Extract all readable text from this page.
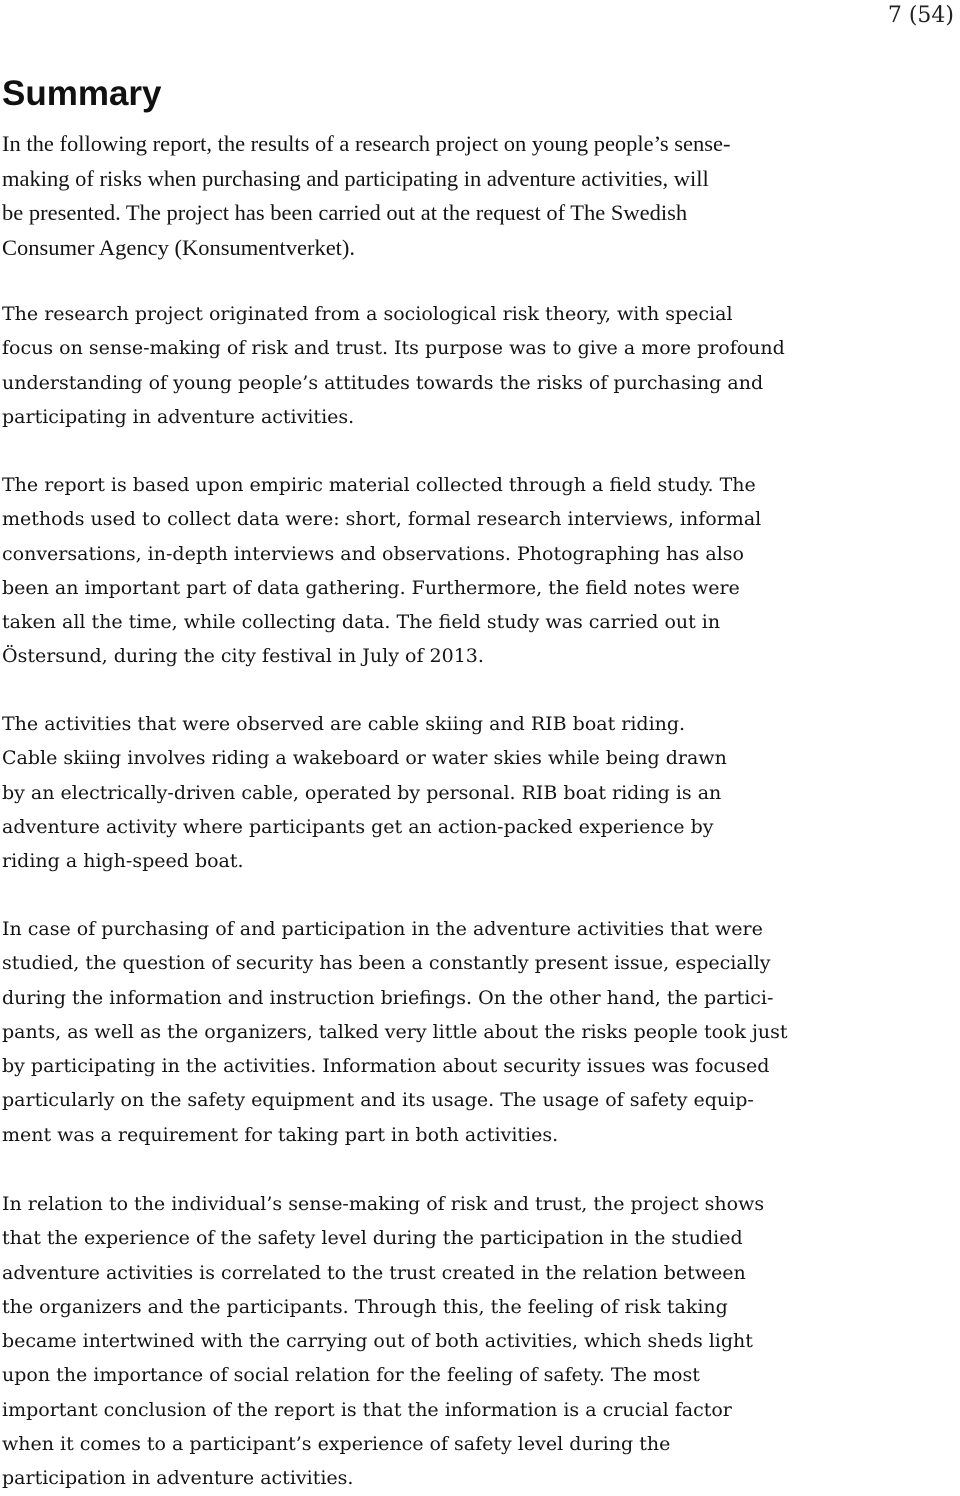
7 (54)
Summary

In the following report, the results of a research project on young people’s sense-
making of risks when purchasing and participating in adventure activities, will
be presented. The project has been carried out at the request of The Swedish
Consumer Agency (Konsumentverket).

The research project originated from a sociological risk theory, with special
focus on sense-making of risk and trust. Its purpose was to give a more profound
understanding of young people’s attitudes towards the risks of purchasing and
participating in adventure activities.

The report is based upon empiric material collected through a field study. The
methods used to collect data were: short, formal research interviews, informal
conversations, in-depth interviews and observations. Photographing has also
been an important part of data gathering. Furthermore, the field notes were
taken all the time, while collecting data. The field study was carried out in
Östersund, during the city festival in July of 2013.

The activities that were observed are cable skiing and RIB boat riding.
Cable skiing involves riding a wakeboard or water skies while being drawn
by an electrically-driven cable, operated by personal. RIB boat riding is an
adventure activity where participants get an action-packed experience by
riding a high-speed boat.

In case of purchasing of and participation in the adventure activities that were
studied, the question of security has been a constantly present issue, especially
during the information and instruction briefings. On the other hand, the partici-
pants, as well as the organizers, talked very little about the risks people took just
by participating in the activities. Information about security issues was focused
particularly on the safety equipment and its usage. The usage of safety equip-
ment was a requirement for taking part in both activities.

In relation to the individual’s sense-making of risk and trust, the project shows
that the experience of the safety level during the participation in the studied
adventure activities is correlated to the trust created in the relation between
the organizers and the participants. Through this, the feeling of risk taking
became intertwined with the carrying out of both activities, which sheds light
upon the importance of social relation for the feeling of safety. The most
important conclusion of the report is that the information is a crucial factor
when it comes to a participant’s experience of safety level during the
participation in adventure activities.
